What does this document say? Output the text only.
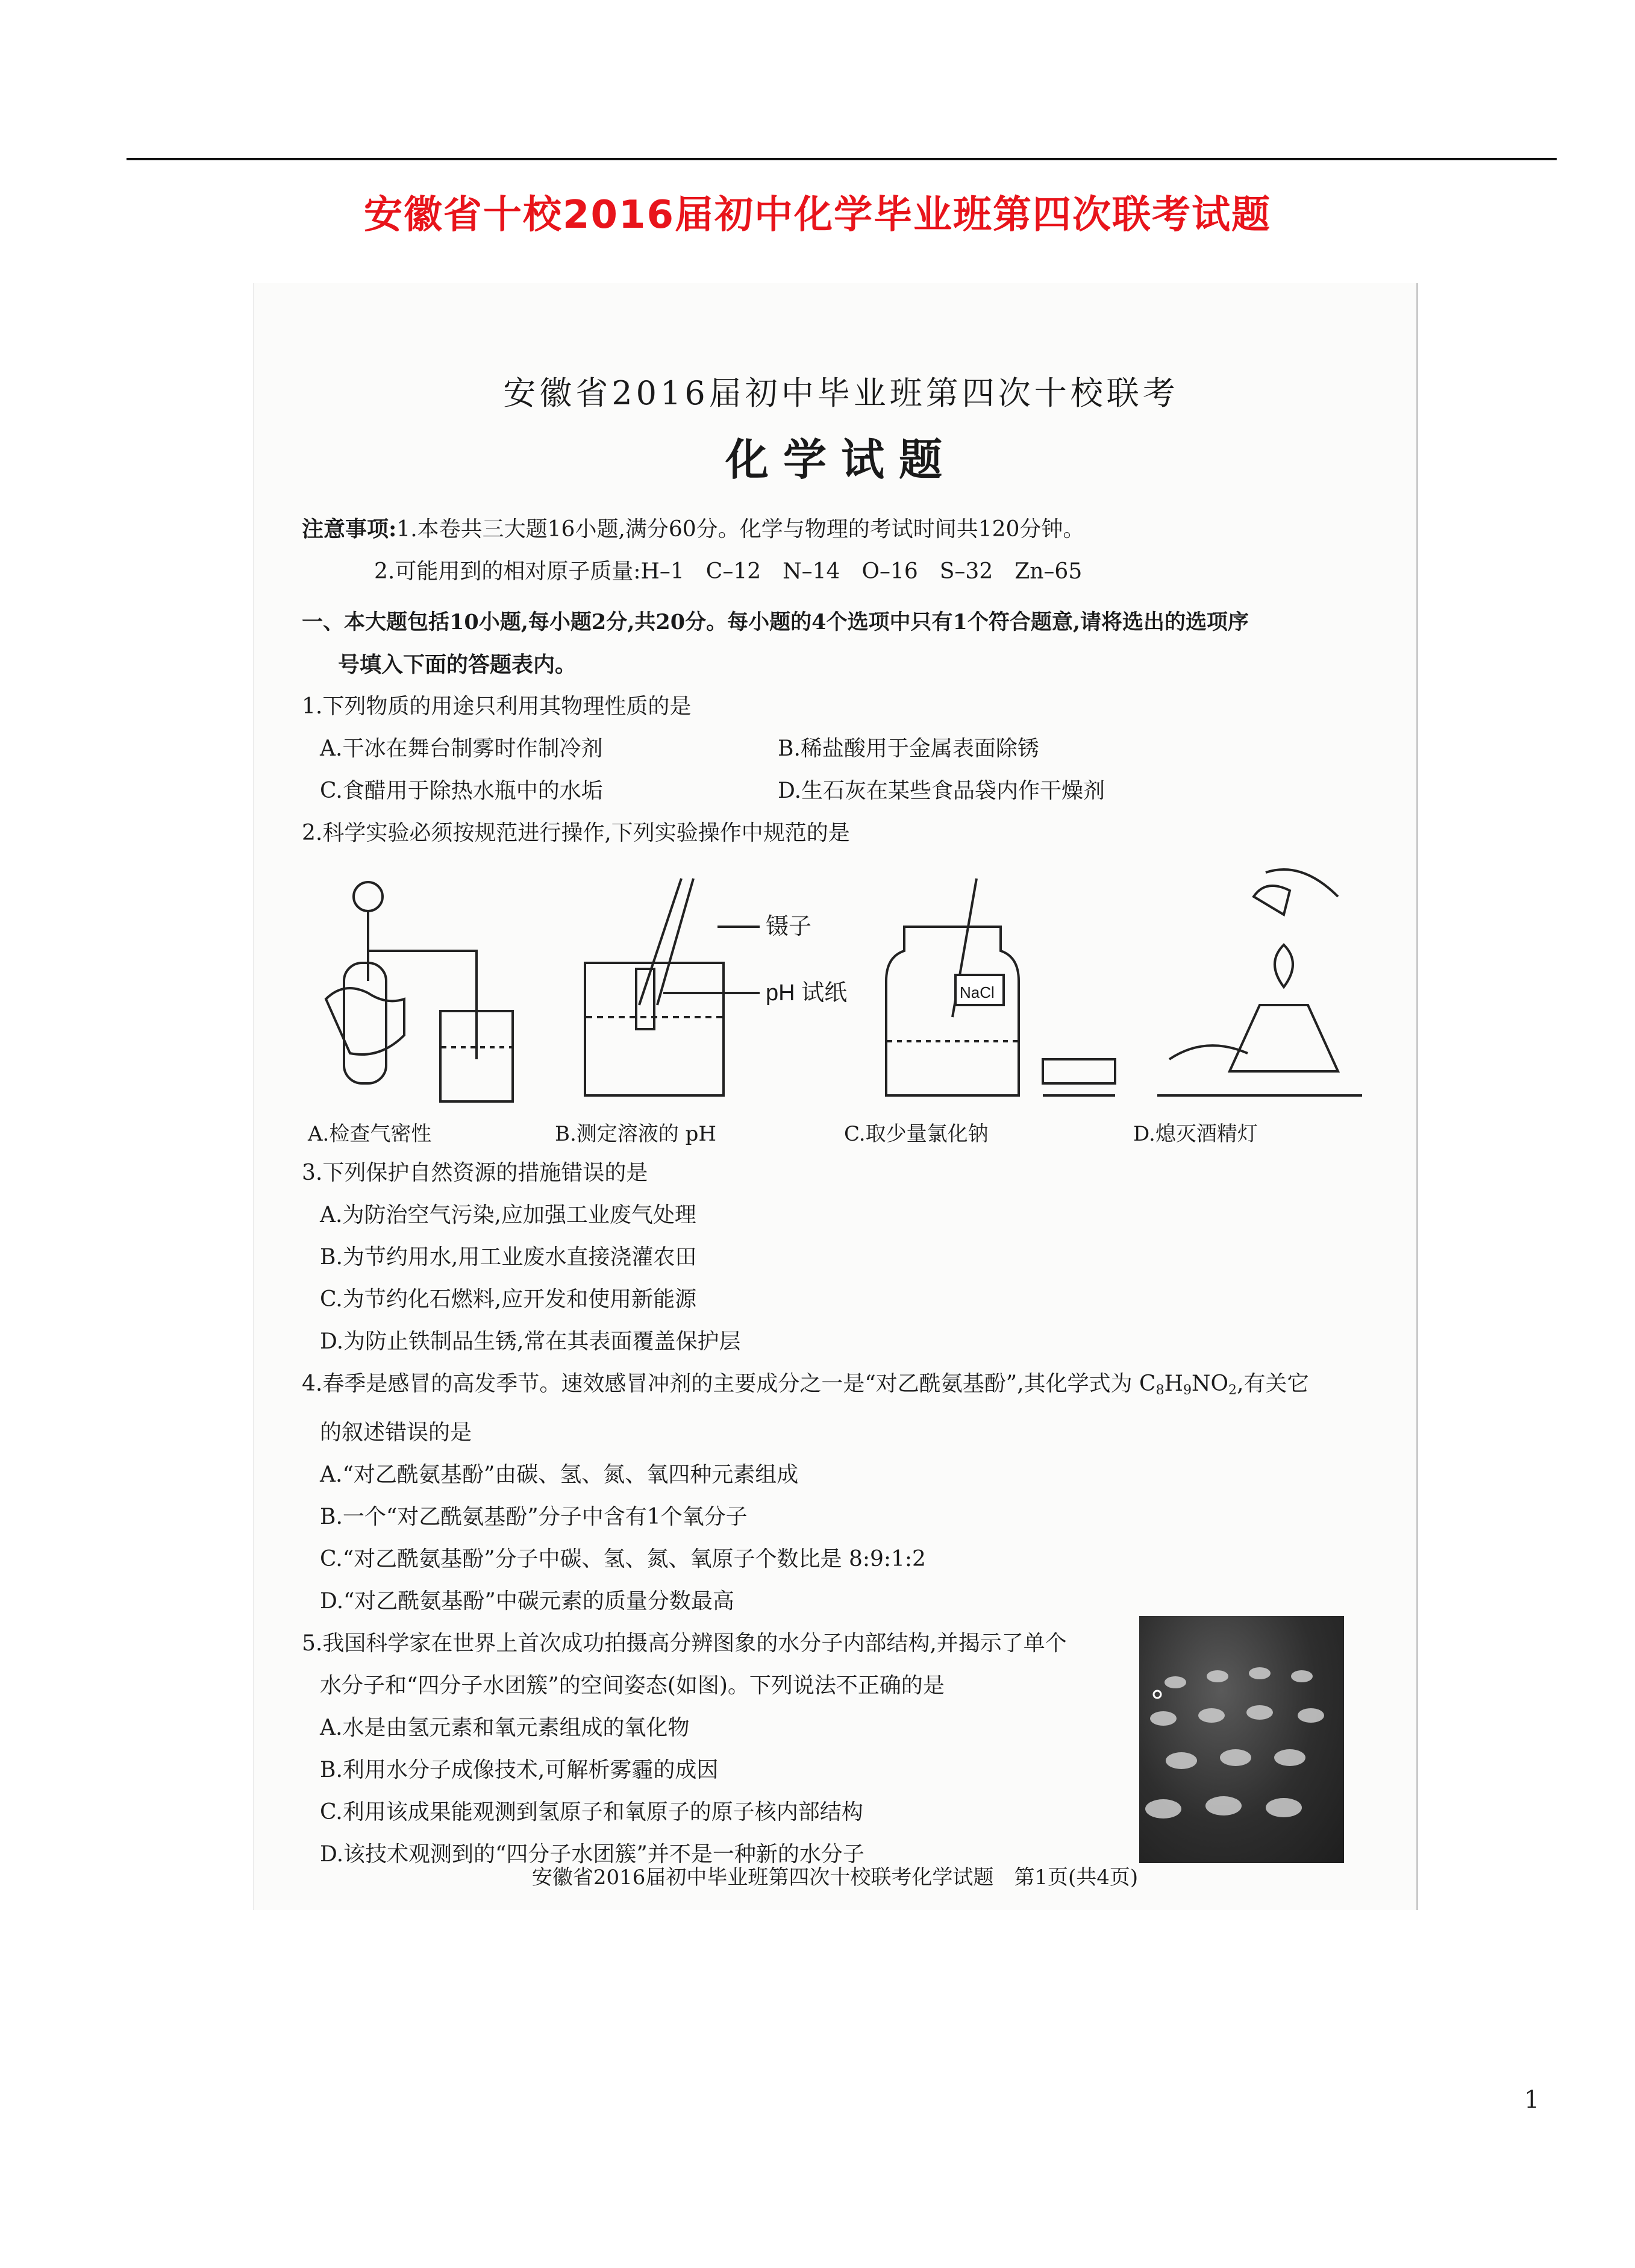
安徽省十校2016届初中化学毕业班第四次联考试题

安徽省2016届初中毕业班第四次十校联考

化学试题

注意事项:1.本卷共三大题16小题,满分60分。化学与物理的考试时间共120分钟。
2.可能用到的相对原子质量:H–1　C–12　N–14　O–16　S–32　Zn–65
一、本大题包括10小题,每小题2分,共20分。每小题的4个选项中只有1个符合题意,请将选出的选项序
号填入下面的答题表内。
1.下列物质的用途只利用其物理性质的是
A.干冰在舞台制雾时作制冷剂	B.稀盐酸用于金属表面除锈
C.食醋用于除热水瓶中的水垢	D.生石灰在某些食品袋内作干燥剂
2.科学实验必须按规范进行操作,下列实验操作中规范的是
镊子
pH 试纸	NaCl
A.检查气密性	B.测定溶液的 pH	C.取少量氯化钠	D.熄灭酒精灯
3.下列保护自然资源的措施错误的是
A.为防治空气污染,应加强工业废气处理
B.为节约用水,用工业废水直接浇灌农田
C.为节约化石燃料,应开发和使用新能源
D.为防止铁制品生锈,常在其表面覆盖保护层
4.春季是感冒的高发季节。速效感冒冲剂的主要成分之一是“对乙酰氨基酚”,其化学式为 $C_8H_9NO_2$,有关它
的叙述错误的是
A.“对乙酰氨基酚”由碳、氢、氮、氧四种元素组成
B.一个“对乙酰氨基酚”分子中含有1个氧分子
C.“对乙酰氨基酚”分子中碳、氢、氮、氧原子个数比是 8:9:1:2
D.“对乙酰氨基酚”中碳元素的质量分数最高
5.我国科学家在世界上首次成功拍摄高分辨图象的水分子内部结构,并揭示了单个
水分子和“四分子水团簇”的空间姿态(如图)。下列说法不正确的是
A.水是由氢元素和氧元素组成的氧化物
B.利用水分子成像技术,可解析雾霾的成因
C.利用该成果能观测到氢原子和氧原子的原子核内部结构
D.该技术观测到的“四分子水团簇”并不是一种新的水分子
安徽省2016届初中毕业班第四次十校联考化学试题　第1页(共4页)
1
